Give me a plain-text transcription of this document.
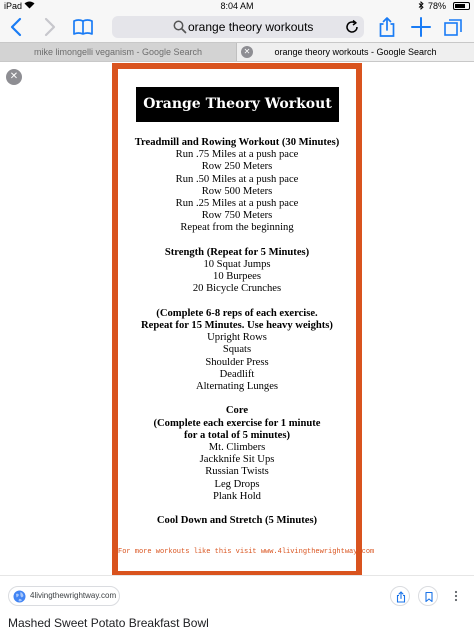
iPad	8:04 AM	78%
orange theory workouts
mike limongelli veganism - Google Search	orange theory workouts - Google Search
✕
✕
Orange Theory Workout
Treadmill and Rowing Workout (30 Minutes)
Run .75 Miles at a push pace
Row 250 Meters
Run .50 Miles at a push pace
Row 500 Meters
Run .25 Miles at a push pace
Row 750 Meters
Repeat from the beginning
Strength (Repeat for 5 Minutes)
10 Squat Jumps
10 Burpees
20 Bicycle Crunches
(Complete 6-8 reps of each exercise.
Repeat for 15 Minutes. Use heavy weights)
Upright Rows
Squats
Shoulder Press
Deadlift
Alternating Lunges
Core
(Complete each exercise for 1 minute
for a total of 5 minutes)
Mt. Climbers
Jackknife Sit Ups
Russian Twists
Leg Drops
Plank Hold
Cool Down and Stretch (5 Minutes)
For more workouts like this visit www.4livingthewrightway.com
4livingthewrightway.com
Mashed Sweet Potato Breakfast Bowl
